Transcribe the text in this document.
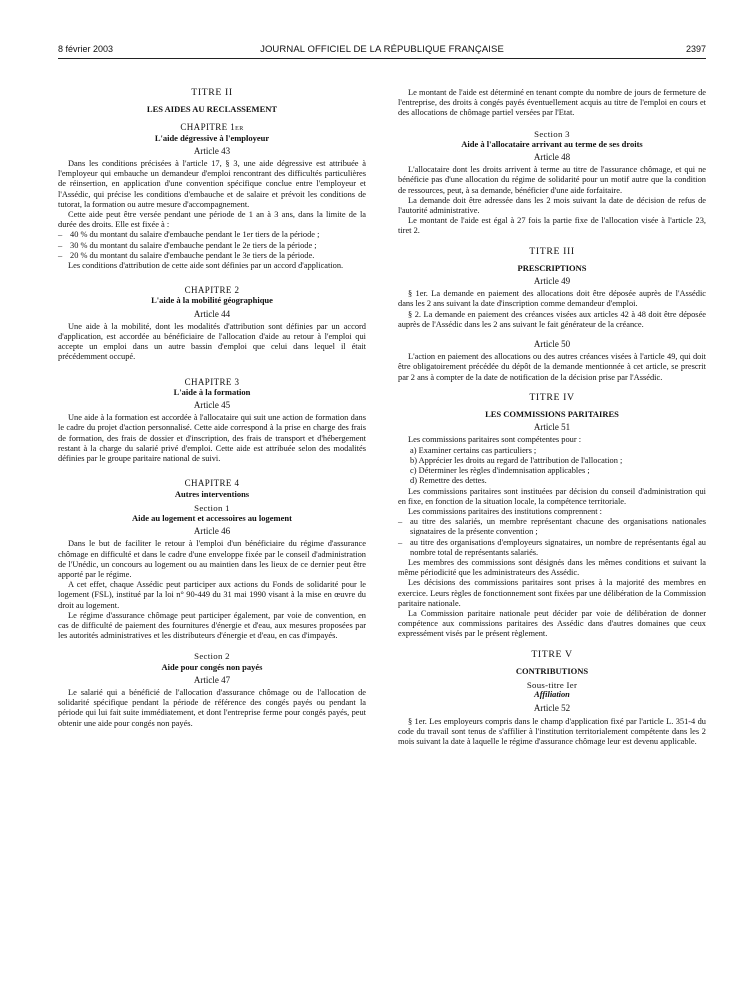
8 février 2003	JOURNAL OFFICIEL DE LA RÉPUBLIQUE FRANÇAISE	2397
TITRE II
LES AIDES AU RECLASSEMENT
CHAPITRE 1er
L'aide dégressive à l'employeur
Article 43

Dans les conditions précisées à l'article 17, § 3, une aide dégressive est attribuée à l'employeur qui embauche un demandeur d'emploi rencontrant des difficultés particulières de réinsertion, en application d'une convention spécifique conclue entre l'employeur et l'Assédic, qui précise les conditions d'embauche et de salaire et prévoit les conditions de tutorat, la formation ou autre mesure d'accompagnement.

Cette aide peut être versée pendant une période de 1 an à 3 ans, dans la limite de la durée des droits. Elle est fixée à :

– 40 % du montant du salaire d'embauche pendant le 1er tiers de la période ;

– 30 % du montant du salaire d'embauche pendant le 2e tiers de la période ;

– 20 % du montant du salaire d'embauche pendant le 3e tiers de la période.

Les conditions d'attribution de cette aide sont définies par un accord d'application.

CHAPITRE 2
L'aide à la mobilité géographique
Article 44

Une aide à la mobilité, dont les modalités d'attribution sont définies par un accord d'application, est accordée au bénéficiaire de l'allocation d'aide au retour à l'emploi qui accepte un emploi dans un autre bassin d'emploi que celui dans lequel il était précédemment occupé.

CHAPITRE 3
L'aide à la formation
Article 45

Une aide à la formation est accordée à l'allocataire qui suit une action de formation dans le cadre du projet d'action personnalisé. Cette aide correspond à la prise en charge des frais de formation, des frais de dossier et d'inscription, des frais de transport et d'hébergement restant à la charge du salarié privé d'emploi. Cette aide est attribuée selon des modalités définies par le groupe paritaire national de suivi.

CHAPITRE 4
Autres interventions
Section 1
Aide au logement et accessoires au logement
Article 46

Dans le but de faciliter le retour à l'emploi d'un bénéficiaire du régime d'assurance chômage en difficulté et dans le cadre d'une enveloppe fixée par le conseil d'administration de l'Unédic, un concours au logement ou au maintien dans les lieux de ce dernier peut être apporté par le régime.

A cet effet, chaque Assédic peut participer aux actions du Fonds de solidarité pour le logement (FSL), institué par la loi n° 90-449 du 31 mai 1990 visant à la mise en œuvre du droit au logement.

Le régime d'assurance chômage peut participer également, par voie de convention, en cas de difficulté de paiement des fournitures d'énergie et d'eau, aux mesures proposées par les autorités administratives et les distributeurs d'énergie et d'eau, en cas d'impayés.

Section 2
Aide pour congés non payés
Article 47

Le salarié qui a bénéficié de l'allocation d'assurance chômage ou de l'allocation de solidarité spécifique pendant la période de référence des congés payés ou pendant la période qui lui fait suite immédiatement, et dont l'entreprise ferme pour congés payés, peut obtenir une aide pour congés non payés.

Le montant de l'aide est déterminé en tenant compte du nombre de jours de fermeture de l'entreprise, des droits à congés payés éventuellement acquis au titre de l'emploi en cours et des allocations de chômage partiel versées par l'Etat.

Section 3
Aide à l'allocataire arrivant au terme de ses droits
Article 48

L'allocataire dont les droits arrivent à terme au titre de l'assurance chômage, et qui ne bénéficie pas d'une allocation du régime de solidarité pour un motif autre que la condition de ressources, peut, à sa demande, bénéficier d'une aide forfaitaire.

La demande doit être adressée dans les 2 mois suivant la date de décision de refus de l'autorité administrative.

Le montant de l'aide est égal à 27 fois la partie fixe de l'allocation visée à l'article 23, tiret 2.

TITRE III
PRESCRIPTIONS
Article 49

§ 1er. La demande en paiement des allocations doit être déposée auprès de l'Assédic dans les 2 ans suivant la date d'inscription comme demandeur d'emploi.

§ 2. La demande en paiement des créances visées aux articles 42 à 48 doit être déposée auprès de l'Assédic dans les 2 ans suivant le fait générateur de la créance.

Article 50

L'action en paiement des allocations ou des autres créances visées à l'article 49, qui doit être obligatoirement précédée du dépôt de la demande mentionnée à cet article, se prescrit par 2 ans à compter de la date de notification de la décision prise par l'Assédic.

TITRE IV
LES COMMISSIONS PARITAIRES
Article 51

Les commissions paritaires sont compétentes pour :

a) Examiner certains cas particuliers ;

b) Apprécier les droits au regard de l'attribution de l'allocation ;

c) Déterminer les règles d'indemnisation applicables ;

d) Remettre des dettes.

Les commissions paritaires sont instituées par décision du conseil d'administration qui en fixe, en fonction de la situation locale, la compétence territoriale.

Les commissions paritaires des institutions comprennent :

– au titre des salariés, un membre représentant chacune des organisations nationales signataires de la présente convention ;

– au titre des organisations d'employeurs signataires, un nombre de représentants égal au nombre total de représentants salariés.

Les membres des commissions sont désignés dans les mêmes conditions et suivant la même périodicité que les administrateurs des Assédic.

Les décisions des commissions paritaires sont prises à la majorité des membres en exercice. Leurs règles de fonctionnement sont fixées par une délibération de la Commission paritaire nationale.

La Commission paritaire nationale peut décider par voie de délibération de donner compétence aux commissions paritaires des Assédic dans d'autres domaines que ceux expressément visés par le présent règlement.

TITRE V
CONTRIBUTIONS
Sous-titre Ier
Affiliation
Article 52

§ 1er. Les employeurs compris dans le champ d'application fixé par l'article L. 351-4 du code du travail sont tenus de s'affilier à l'institution territorialement compétente dans les 2 mois suivant la date à laquelle le régime d'assurance chômage leur est devenu applicable.
